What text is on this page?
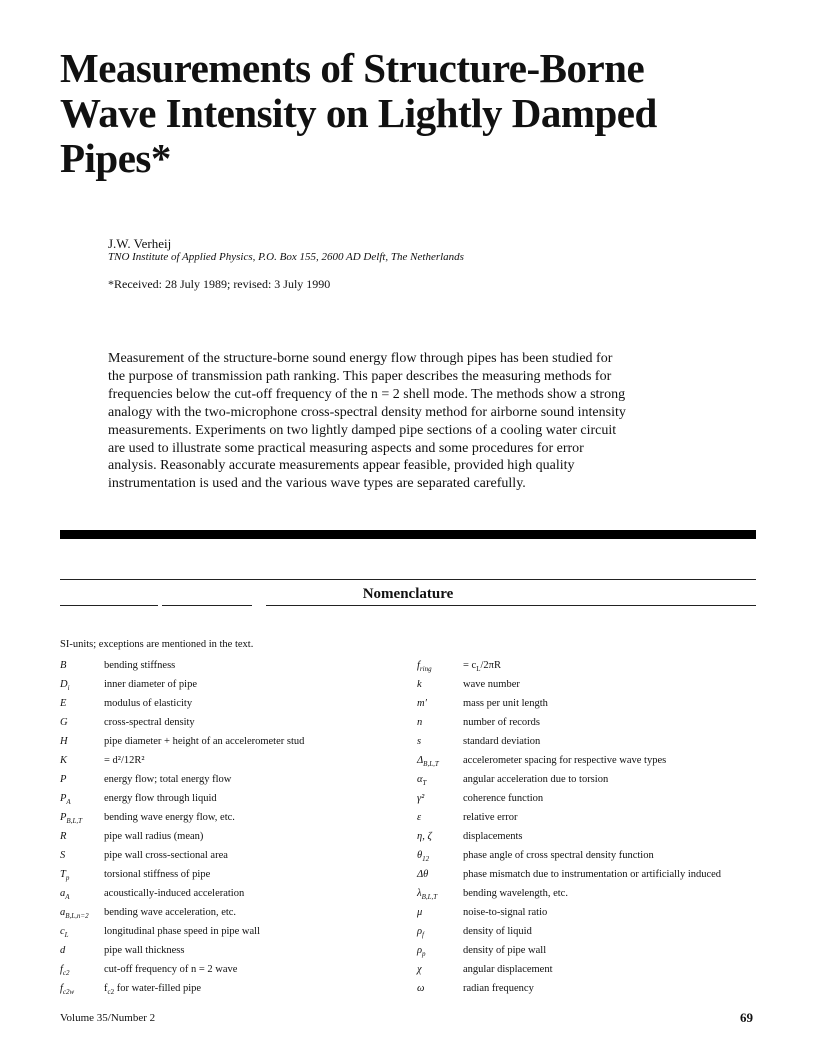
Measurements of Structure-Borne
Wave Intensity on Lightly Damped
Pipes*
J.W. Verheij
TNO Institute of Applied Physics, P.O. Box 155, 2600 AD Delft, The Netherlands
*Received: 28 July 1989; revised: 3 July 1990
Measurement of the structure-borne sound energy flow through pipes has been studied for
the purpose of transmission path ranking. This paper describes the measuring methods for
frequencies below the cut-off frequency of the n = 2 shell mode. The methods show a strong
analogy with the two-microphone cross-spectral density method for airborne sound intensity
measurements. Experiments on two lightly damped pipe sections of a cooling water circuit
are used to illustrate some practical measuring aspects and some procedures for error
analysis. Reasonably accurate measurements appear feasible, provided high quality
instrumentation is used and the various wave types are separated carefully.
Nomenclature
SI-units; exceptions are mentioned in the text.
B	bending stiffness
$D_i$	inner diameter of pipe
E	modulus of elasticity
G	cross-spectral density
H	pipe diameter + height of an accelerometer stud
K	= d²/12R²
P	energy flow; total energy flow
$P_A$	energy flow through liquid
$P_{B,L,T}$ bending wave energy flow, etc.
R	pipe wall radius (mean)
S	pipe wall cross-sectional area
$T_p$	torsional stiffness of pipe
$a_A$	acoustically-induced acceleration
$a_{B,L,n=2}$ bending wave acceleration, etc.
$c_L$	longitudinal phase speed in pipe wall
d	pipe wall thickness
$f_{c2}$	cut-off frequency of n = 2 wave
$f_{c2w}$	$f_{c2}$ for water-filled pipe
$f_{ring}$	= $c_L/2\pi R$
k	wave number
m′	mass per unit length
n	number of records
s	standard deviation
$\Delta_{B,L,T}$ accelerometer spacing for respective wave types
$\alpha_T$	angular acceleration due to torsion
γ²	coherence function
ε	relative error
η, ζ	displacements
$\theta_{12}$	phase angle of cross spectral density function
Δθ	phase mismatch due to instrumentation or artificially induced
$\lambda_{B,L,T}$ bending wavelength, etc.
μ	noise-to-signal ratio
$\rho_f$	density of liquid
$\rho_p$	density of pipe wall
χ	angular displacement
ω	radian frequency
Volume 35/Number 2	69
